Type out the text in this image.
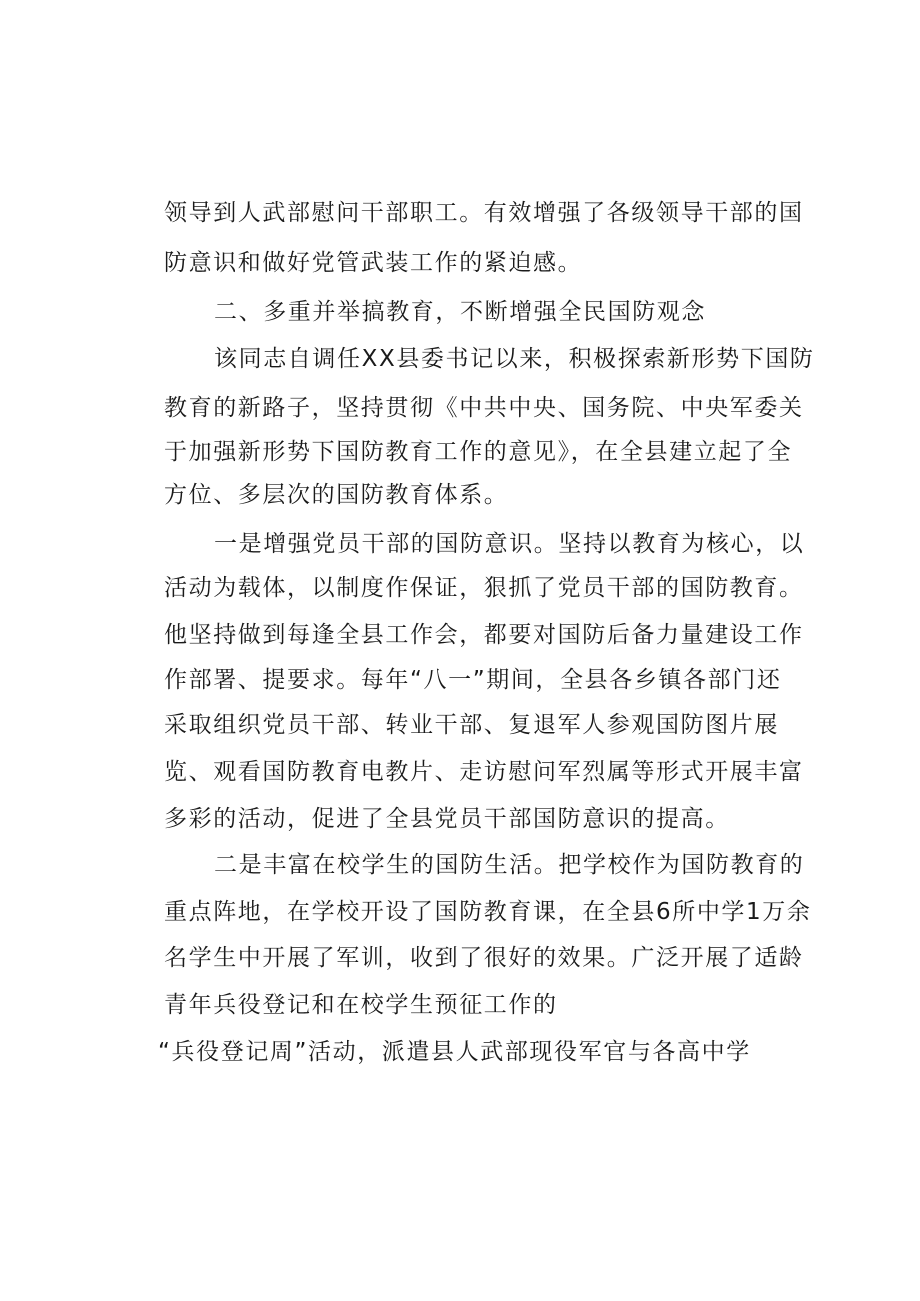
领导到人武部慰问干部职工。有效增强了各级领导干部的国
防意识和做好党管武装工作的紧迫感。
二、多重并举搞教育，不断增强全民国防观念
该同志自调任XX县委书记以来，积极探索新形势下国防
教育的新路子，坚持贯彻《中共中央、国务院、中央军委关
于加强新形势下国防教育工作的意见》，在全县建立起了全
方位、多层次的国防教育体系。
一是增强党员干部的国防意识。坚持以教育为核心，以
活动为载体，以制度作保证，狠抓了党员干部的国防教育。
他坚持做到每逢全县工作会，都要对国防后备力量建设工作
作部署、提要求。每年“八一”期间，全县各乡镇各部门还
采取组织党员干部、转业干部、复退军人参观国防图片展
览、观看国防教育电教片、走访慰问军烈属等形式开展丰富
多彩的活动，促进了全县党员干部国防意识的提高。
二是丰富在校学生的国防生活。把学校作为国防教育的
重点阵地，在学校开设了国防教育课，在全县6所中学1万余
名学生中开展了军训，收到了很好的效果。广泛开展了适龄
青年兵役登记和在校学生预征工作的
“兵役登记周”活动，派遣县人武部现役军官与各高中学
